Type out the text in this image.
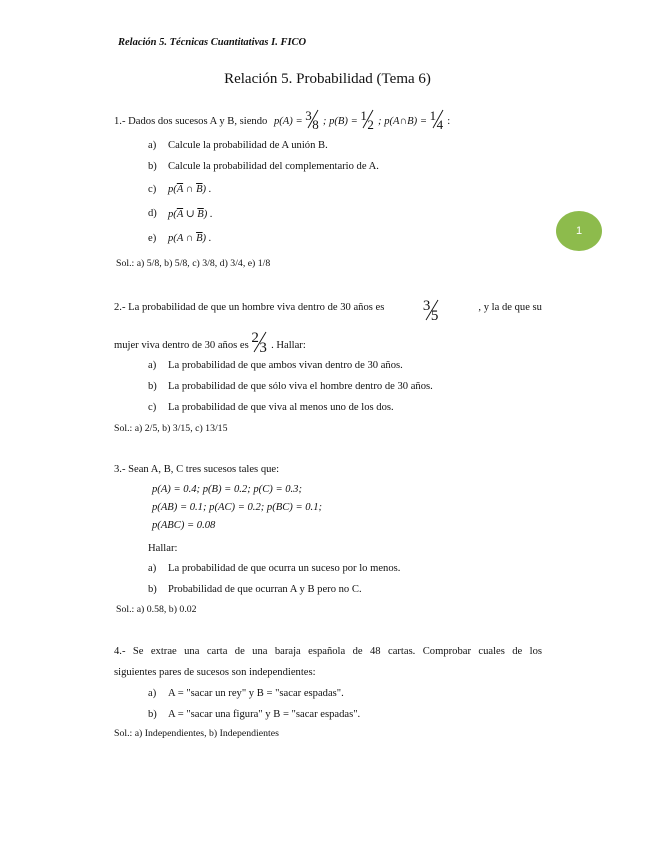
Relación 5. Técnicas Cuantitativas I. FICO
Relación 5. Probabilidad (Tema 6)
1
1.- Dados dos sucesos A y B, siendo p(A) = 3
8 ; p(B) = 1
2 ; p(A∩B) = 1
4 :
a) Calcule la probabilidad de A unión B.
b) Calcule la probabilidad del complementario de A.
c) $p(\overline{A}$ ∩ $\overline{B}$) .
d) $p(\overline{A}$ ∪ $\overline{B}$) .
e) p(A ∩ $\overline{B}$) .
Sol.: a) 5/8, b) 5/8, c) 3/8, d) 3/4, e) 1/8
2.- La probabilidad de que un hombre viva dentro de 30 años es	3
5
, y la de que su
mujer viva dentro de 30 años es 2
3 . Hallar:
a) La probabilidad de que ambos vivan dentro de 30 años.
b) La probabilidad de que sólo viva el hombre dentro de 30 años.
c) La probabilidad de que viva al menos uno de los dos.
Sol.: a) 2/5, b) 3/15, c) 13/15
3.- Sean A, B, C tres sucesos tales que:
p(A) = 0.4; p(B) = 0.2; p(C) = 0.3;
p(AB) = 0.1; p(AC) = 0.2; p(BC) = 0.1;
p(ABC) = 0.08
Hallar:
a) La probabilidad de que ocurra un suceso por lo menos.
b) Probabilidad de que ocurran A y B pero no C.
Sol.: a) 0.58, b) 0.02
4.- Se extrae una carta de una baraja española de 48 cartas. Comprobar cuales de los
siguientes pares de sucesos son independientes:
a) A = "sacar un rey" y B = "sacar espadas".
b) A = "sacar una figura" y B = "sacar espadas".
Sol.: a) Independientes, b) Independientes
